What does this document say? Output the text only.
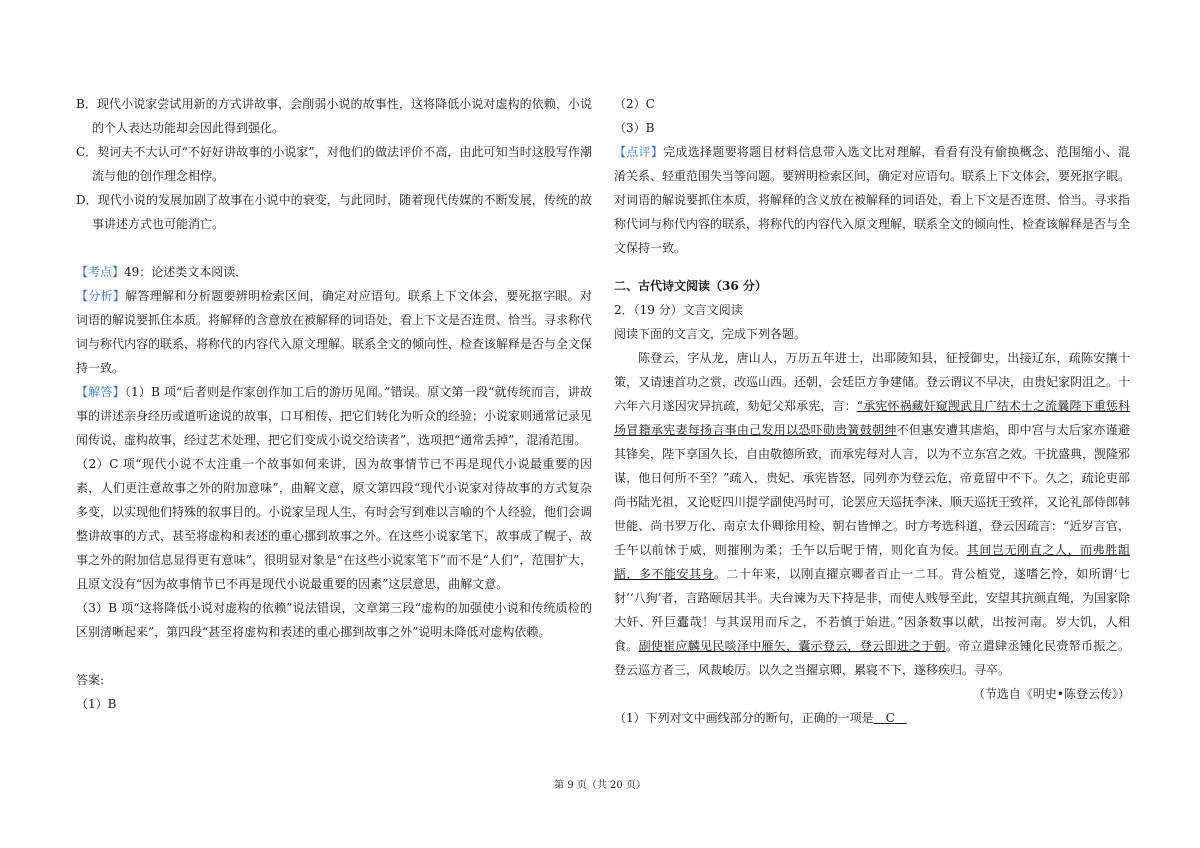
B．现代小说家尝试用新的方式讲故事，会削弱小说的故事性，这将降低小说对虚构的依赖，小说的个人表达功能却会因此得到强化。

C．契诃夫不大认可“不好好讲故事的小说家”，对他们的做法评价不高，由此可知当时这股写作潮流与他的创作理念相悖。

D．现代小说的发展加剧了故事在小说中的衰变，与此同时，随着现代传媒的不断发展，传统的故事讲述方式也可能消亡。

【考点】49：论述类文本阅读．

【分析】解答理解和分析题要辨明检索区间，确定对应语句。联系上下文体会，要死抠字眼。对词语的解说要抓住本质。将解释的含意放在被解释的词语处，看上下文是否连贯、恰当。寻求称代词与称代内容的联系，将称代的内容代入原文理解。联系全文的倾向性，检查该解释是否与全文保持一致。

【解答】（1）B 项“后者则是作家创作加工后的游历见闻。”错误。原文第一段“就传统而言，讲故事的讲述亲身经历或道听途说的故事，口耳相传，把它们转化为听众的经验；小说家则通常记录见闻传说，虚构故事，经过艺术处理，把它们变成小说交给读者”，选项把“通常丢掉”，混淆范围。

（2）C 项“现代小说不太注重一个故事如何来讲，因为故事情节已不再是现代小说最重要的因素，人们更注意故事之外的附加意味”，曲解文意，原文第四段“现代小说家对待故事的方式复杂多变，以实现他们特殊的叙事目的。小说家呈现人生，有时会写到难以言喻的个人经验，他们会调整讲故事的方式，甚至将虚构和表述的重心挪到故事之外。在这些小说家笔下，故事成了幌子，故事之外的附加信息显得更有意味”，很明显对象是“在这些小说家笔下”而不是“人们”，范围扩大，且原文没有“因为故事情节已不再是现代小说最重要的因素”这层意思，曲解文意。

（3）B 项“这将降低小说对虚构的依赖”说法错误，文章第三段“虚构的加强使小说和传统质检的区别清晰起来”，第四段“甚至将虚构和表述的重心挪到故事之外”说明未降低对虚构依赖。

答案:

（1）B

（2）C

（3）B

【点评】完成选择题要将题目材料信息带入选文比对理解，看看有没有偷换概念、范围缩小、混淆关系、轻重范围失当等问题。要辨明检索区间，确定对应语句。联系上下文体会，要死抠字眼。对词语的解说要抓住本质，将解释的含义放在被解释的词语处，看上下文是否连贯、恰当。寻求指称代词与称代内容的联系，将称代的内容代入原文理解，联系全文的倾向性，检查该解释是否与全文保持一致。

二、古代诗文阅读（36 分）

2．（19 分）文言文阅读

阅读下面的文言文，完成下列各题。

陈登云，字从龙，唐山人，万历五年进士，出耶陵知县，征授御史，出接辽东，疏陈安攘十策，又请速首功之赏，改巡山西。还朝，会廷臣方争建储。登云谓议不早决，由贵妃家阴沮之。十六年六月遂因灾异抗疏，劾妃父郑承宪，言：“承宪怀祸藏奸窥觊武且广结术士之流曩陛下重惩科场冒籍承宪妻每扬言事由己发用以恐吓勋贵簧鼓朝绅不但惠安遭其虐焰，即中宫与太后家亦谨避其锋矣，陛下享国久长，自由敬德所致，而承宪每对人言，以为不立东宫之效。干扰盛典，觊隆邪谋，他日何所不至？”疏入，贵妃、承宪皆怒，同列亦为登云危，帝竟留中不下。久之，疏论吏部尚书陆光祖，又论贬四川提学副使冯时可，论罢应天巡抚李涞、顺天巡抚王致祥，又论礼部侍郎韩世能、尚书罗万化、南京太仆卿徐用检、朝右皆惮之。时方考选科道，登云因疏言：“近岁言官，壬午以前怵于威，则摧刚为柔；壬午以后昵于情，则化直为佞。其间岂无刚直之人，而弗胜龃龉，多不能安其身。二十年来，以刚直擢京卿者百止一二耳。背公植党，遂嗜乞怜，如所谓‘七豺’‘八狗’者，言路颐居其半。夫台谏为天下持是非，而使人贱辱至此，安望其抗颜直绳，为国家除大奸、歼巨蠹哉！与其误用而斥之，不若慎于始进。”因条数事以献，出按河南。岁大饥，人相食。副使崔应麟见民啖泽中雁矢，囊示登云，登云即进之于朝。帝立遣肆丞锺化民赍帑币振之。登云巡方者三，风裁峻厉。以久之当擢京卿，累寝不下，遂移疾归。寻卒。

（节选自《明史•陈登云传》）

（1）下列对文中画线部分的断句，正确的一项是   C  

第 9 页（共 20 页）
